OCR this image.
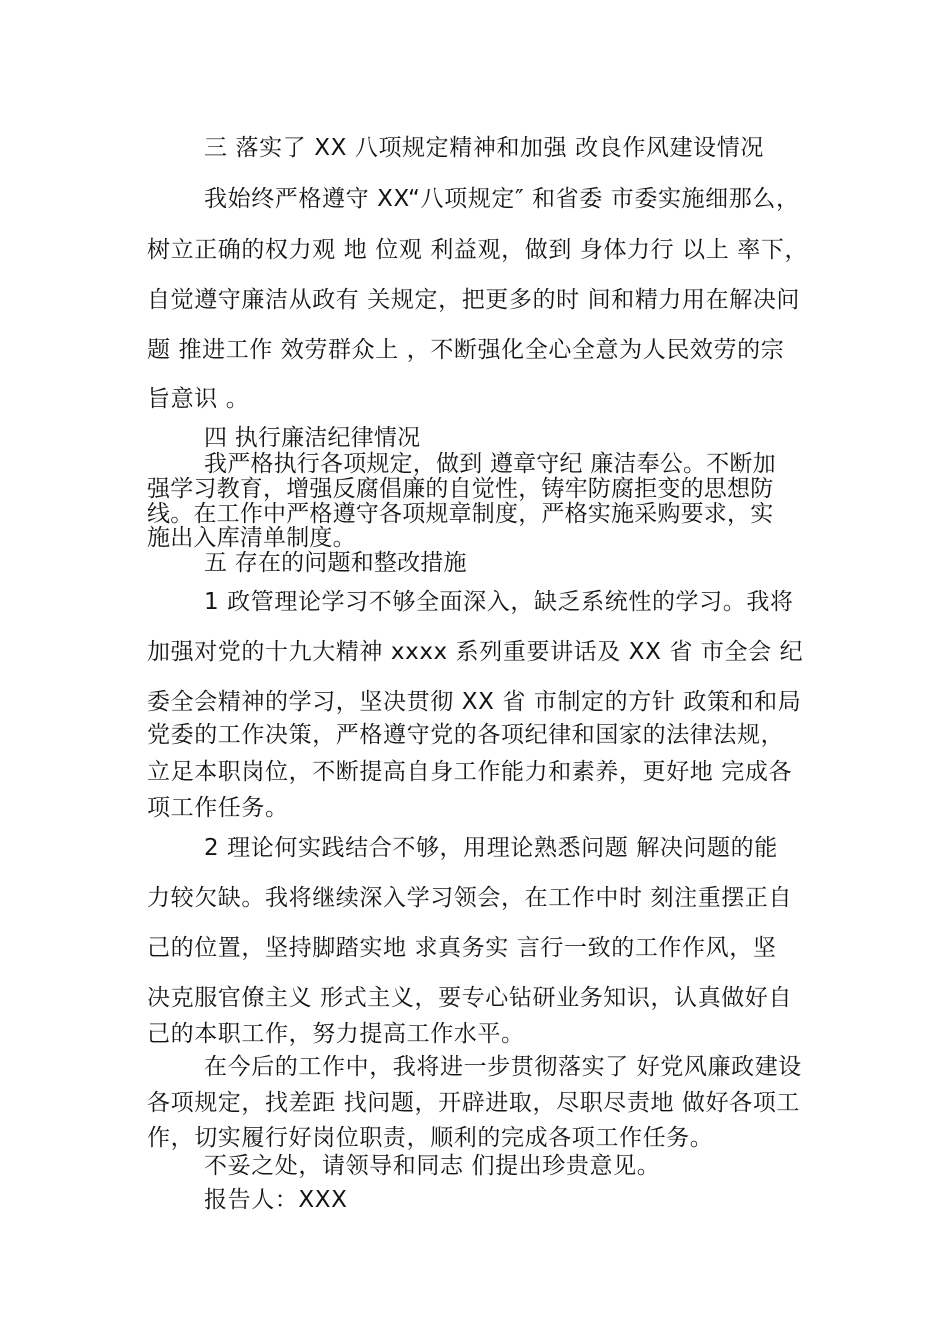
三 落实了 XX 八项规定精神和加强 改良作风建设情况
我始终严格遵守 XX“八项规定″ 和省委 市委实施细那么，
树立正确的权力观 地 位观 利益观，做到 身体力行 以上 率下，
自觉遵守廉洁从政有 关规定，把更多的时 间和精力用在解决问
题 推进工作 效劳群众上 ，不断强化全心全意为人民效劳的宗
旨意识 。
四 执行廉洁纪律情况
我严格执行各项规定，做到 遵章守纪 廉洁奉公。不断加
强学习教育，增强反腐倡廉的自觉性，铸牢防腐拒变的思想防
线。在工作中严格遵守各项规章制度，严格实施采购要求，实
施出入库清单制度。
五 存在的问题和整改措施
1 政管理论学习不够全面深入，缺乏系统性的学习。我将
加强对党的十九大精神 xxxx 系列重要讲话及 XX 省 市全会 纪
委全会精神的学习，坚决贯彻 XX 省 市制定的方针 政策和和局
党委的工作决策，严格遵守党的各项纪律和国家的法律法规，
立足本职岗位，不断提高自身工作能力和素养，更好地 完成各
项工作任务。
2 理论何实践结合不够，用理论熟悉问题 解决问题的能
力较欠缺。我将继续深入学习领会，在工作中时 刻注重摆正自
己的位置，坚持脚踏实地 求真务实 言行一致的工作作风，坚
决克服官僚主义 形式主义，要专心钻研业务知识，认真做好自
己的本职工作，努力提高工作水平。
在今后的工作中，我将进一步贯彻落实了 好党风廉政建设
各项规定，找差距 找问题，开辟进取，尽职尽责地 做好各项工
作，切实履行好岗位职责，顺利的完成各项工作任务。
不妥之处，请领导和同志 们提出珍贵意见。
报告人：XXX
